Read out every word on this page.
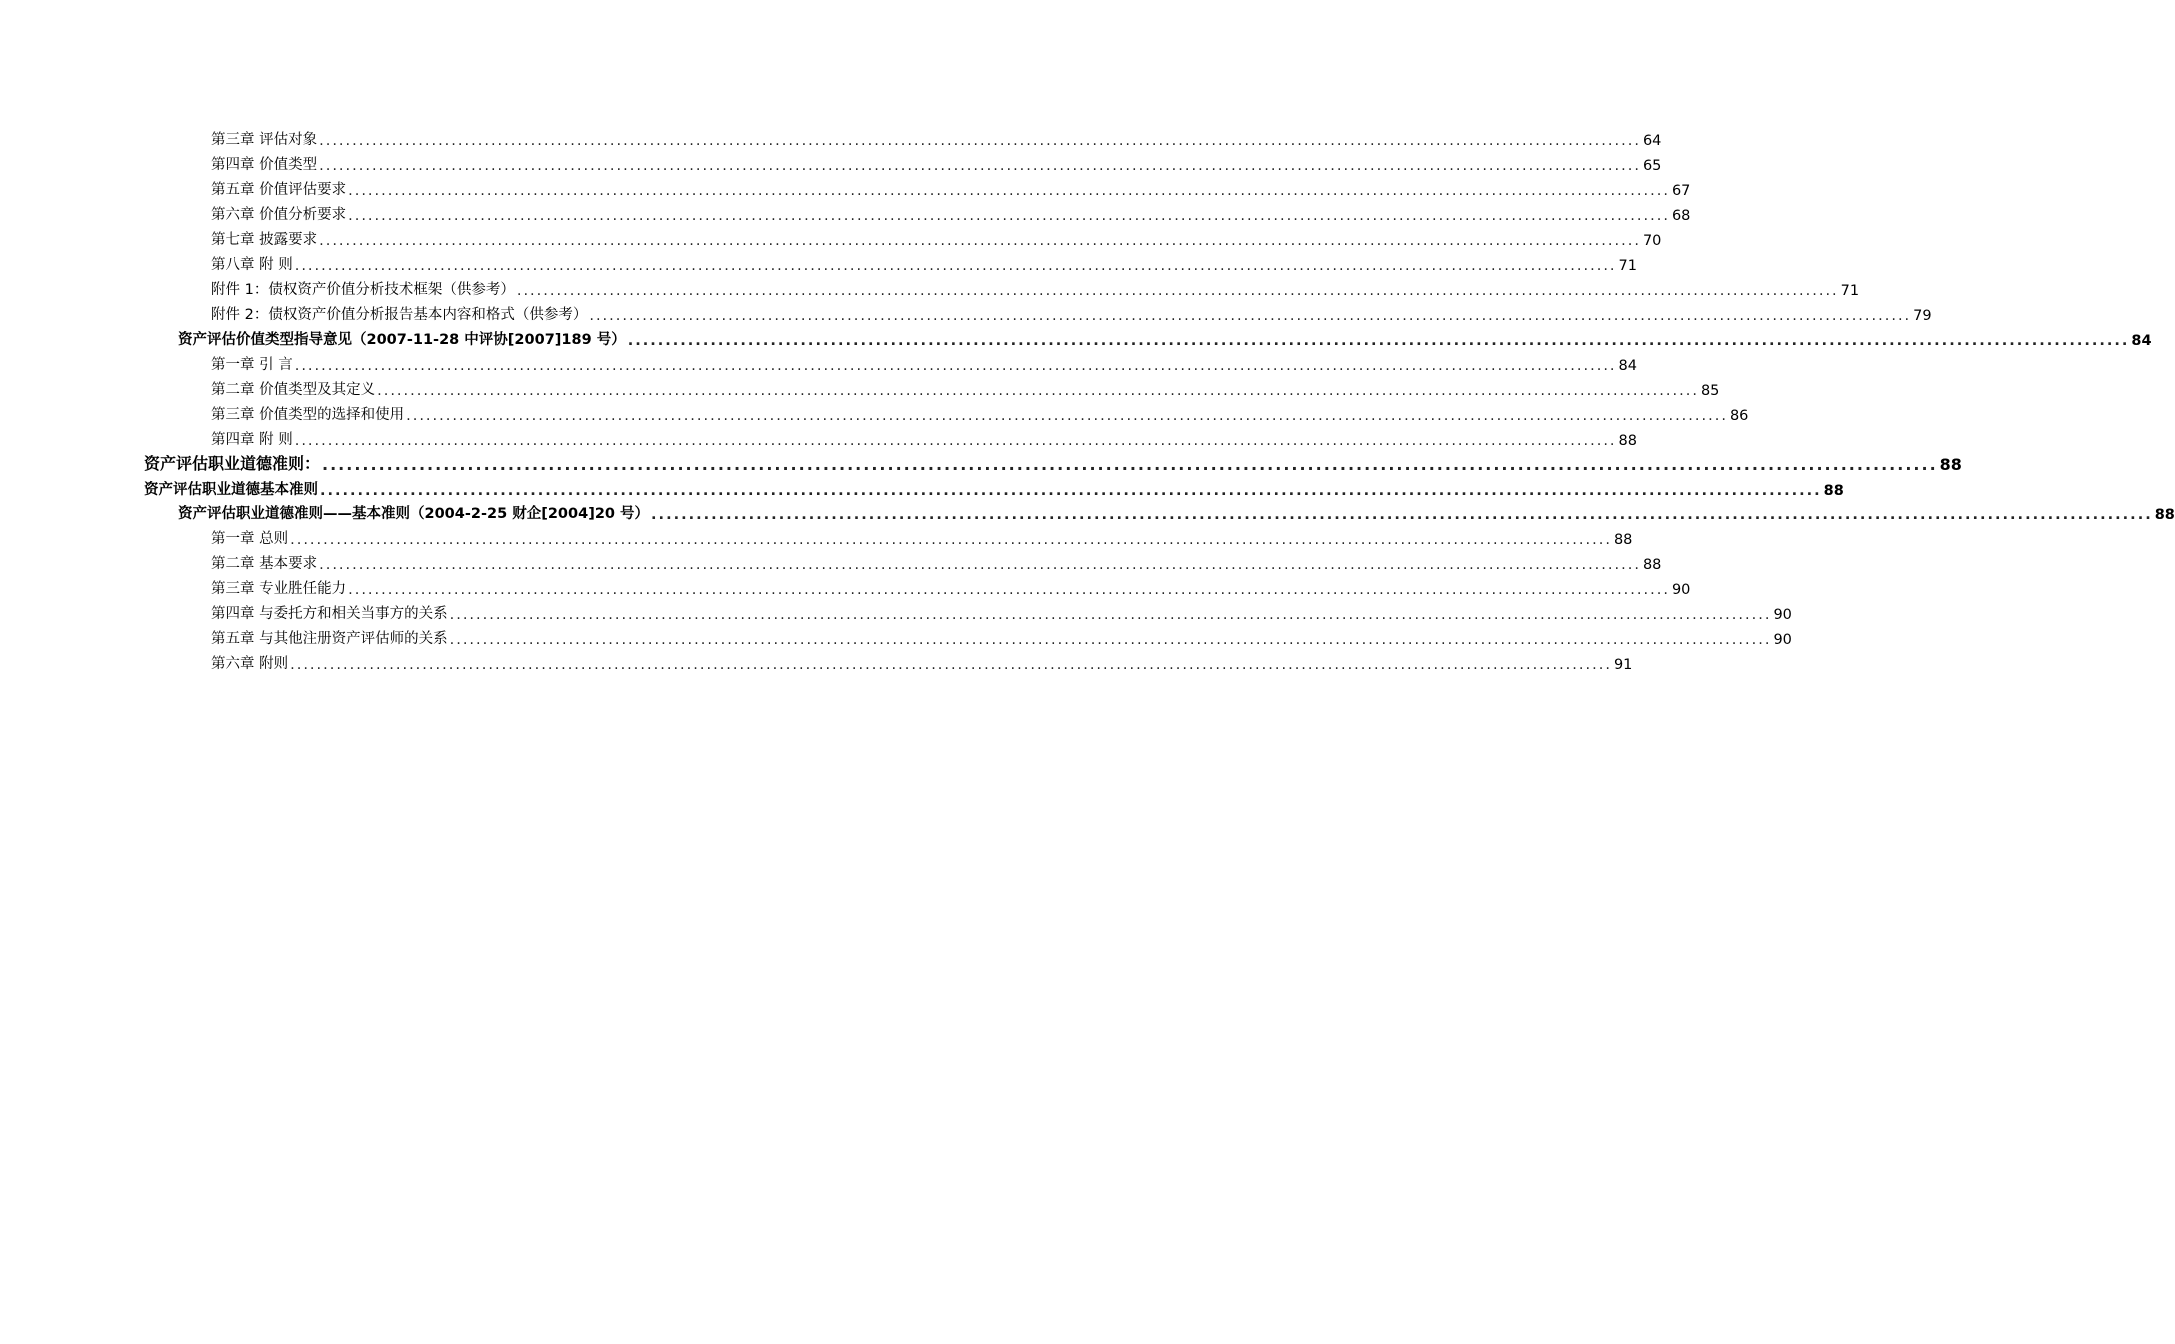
第三章 评估对象 ........................................................................................................................................................................................................ 64
第四章 价值类型 ........................................................................................................................................................................................................ 65
第五章 价值评估要求 ........................................................................................................................................................................................................ 67
第六章 价值分析要求 ........................................................................................................................................................................................................ 68
第七章 披露要求 ........................................................................................................................................................................................................ 70
第八章 附 则 ........................................................................................................................................................................................................ 71
附件 1：债权资产价值分析技术框架（供参考） ........................................................................................................................................................................................................ 71
附件 2：债权资产价值分析报告基本内容和格式（供参考） ........................................................................................................................................................................................................ 79
资产评估价值类型指导意见（2007-11-28 中评协[2007]189 号） ........................................................................................................................................................................................................ 84
第一章 引 言 ........................................................................................................................................................................................................ 84
第二章 价值类型及其定义 ........................................................................................................................................................................................................ 85
第三章 价值类型的选择和使用 ........................................................................................................................................................................................................ 86
第四章 附 则 ........................................................................................................................................................................................................ 88
资产评估职业道德准则： ........................................................................................................................................................................................................ 88
资产评估职业道德基本准则 ........................................................................................................................................................................................................ 88
资产评估职业道德准则——基本准则（2004-2-25 财企[2004]20 号） ........................................................................................................................................................................................................ 88
第一章 总则 ........................................................................................................................................................................................................ 88
第二章 基本要求 ........................................................................................................................................................................................................ 88
第三章 专业胜任能力 ........................................................................................................................................................................................................ 90
第四章 与委托方和相关当事方的关系 ........................................................................................................................................................................................................ 90
第五章 与其他注册资产评估师的关系 ........................................................................................................................................................................................................ 90
第六章 附则 ........................................................................................................................................................................................................ 91
